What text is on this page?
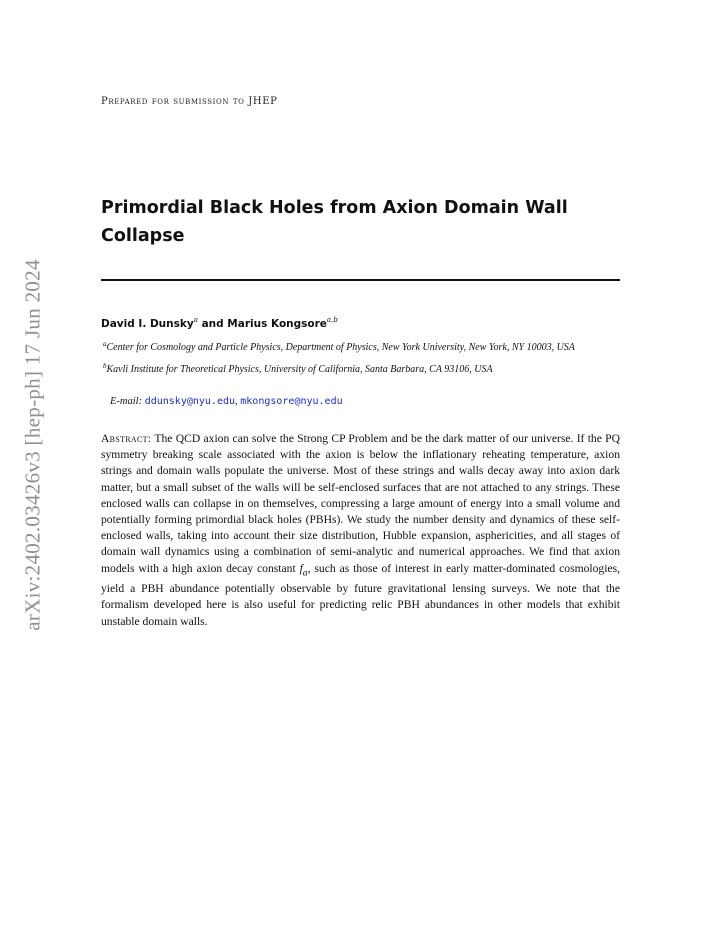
arXiv:2402.03426v3 [hep-ph] 17 Jun 2024
Prepared for submission to JHEP
Primordial Black Holes from Axion Domain Wall Collapse
David I. Dunsky$^a$ and Marius Kongsore$^{a,b}$

$^a$Center for Cosmology and Particle Physics, Department of Physics, New York University, New York, NY 10003, USA

$^b$Kavli Institute for Theoretical Physics, University of California, Santa Barbara, CA 93106, USA

E-mail: ddunsky@nyu.edu, mkongsore@nyu.edu

Abstract: The QCD axion can solve the Strong CP Problem and be the dark matter of our universe. If the PQ symmetry breaking scale associated with the axion is below the inflationary reheating temperature, axion strings and domain walls populate the universe. Most of these strings and walls decay away into axion dark matter, but a small subset of the walls will be self-enclosed surfaces that are not attached to any strings. These enclosed walls can collapse in on themselves, compressing a large amount of energy into a small volume and potentially forming primordial black holes (PBHs). We study the number density and dynamics of these self-enclosed walls, taking into account their size distribution, Hubble expansion, asphericities, and all stages of domain wall dynamics using a combination of semi-analytic and numerical approaches. We find that axion models with a high axion decay constant $f_a$, such as those of interest in early matter-dominated cosmologies, yield a PBH abundance potentially observable by future gravitational lensing surveys. We note that the formalism developed here is also useful for predicting relic PBH abundances in other models that exhibit unstable domain walls.
